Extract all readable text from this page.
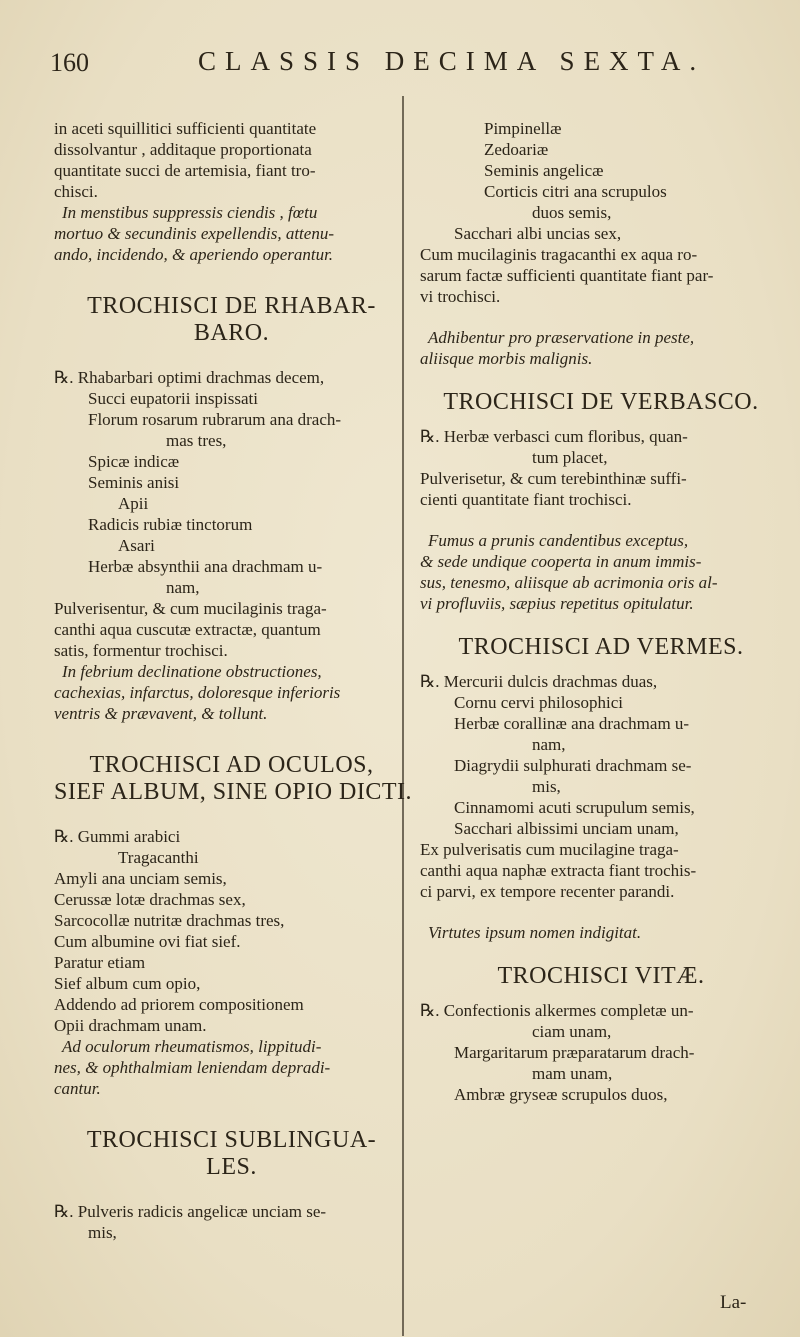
160	CLASSIS DECIMA SEXTA.
in aceti squillitici sufficienti quantitate
dissolvantur , additaque proportionata
quantitate succi de artemisia, fiant tro-
chisci.
In menstibus suppressis ciendis , fœtu
mortuo & secundinis expellendis, attenu-
ando, incidendo, & aperiendo operantur.
TROCHISCI DE RHABAR-
BARO.
℞. Rhabarbari optimi drachmas decem,
Succi eupatorii inspissati
Florum rosarum rubrarum ana drach-
mas tres,
Spicæ indicæ
Seminis anisi
Apii
Radicis rubiæ tinctorum
Asari
Herbæ absynthii ana drachmam u-
nam,
Pulverisentur, & cum mucilaginis traga-
canthi aqua cuscutæ extractæ, quantum
satis, formentur trochisci.
In febrium declinatione obstructiones,
cachexias, infarctus, doloresque inferioris
ventris & prævavent, & tollunt.
TROCHISCI AD OCULOS,
SIEF ALBUM, SINE OPIO DICTI.
℞. Gummi arabici
Tragacanthi
Amyli ana unciam semis,
Cerussæ lotæ drachmas sex,
Sarcocollæ nutritæ drachmas tres,
Cum albumine ovi fiat sief.
Paratur etiam
Sief album cum opio,
Addendo ad priorem compositionem
Opii drachmam unam.
Ad oculorum rheumatismos, lippitudi-
nes, & ophthalmiam leniendam depradi-
cantur.
TROCHISCI SUBLINGUA-
LES.
℞. Pulveris radicis angelicæ unciam se-
mis,
Pimpinellæ
Zedoariæ
Seminis angelicæ
Corticis citri ana scrupulos
duos semis,
Sacchari albi uncias sex,
Cum mucilaginis tragacanthi ex aqua ro-
sarum factæ sufficienti quantitate fiant par-
vi trochisci.
Adhibentur pro præservatione in peste,
aliisque morbis malignis.
TROCHISCI DE VERBASCO.
℞. Herbæ verbasci cum floribus, quan-
tum placet,
Pulverisetur, & cum terebinthinæ suffi-
cienti quantitate fiant trochisci.
Fumus a prunis candentibus exceptus,
& sede undique cooperta in anum immis-
sus, tenesmo, aliisque ab acrimonia oris al-
vi profluviis, sæpius repetitus opitulatur.
TROCHISCI AD VERMES.
℞. Mercurii dulcis drachmas duas,
Cornu cervi philosophici
Herbæ corallinæ ana drachmam u-
nam,
Diagrydii sulphurati drachmam se-
mis,
Cinnamomi acuti scrupulum semis,
Sacchari albissimi unciam unam,
Ex pulverisatis cum mucilagine traga-
canthi aqua naphæ extracta fiant trochis-
ci parvi, ex tempore recenter parandi.
Virtutes ipsum nomen indigitat.
TROCHISCI VITÆ.
℞. Confectionis alkermes completæ un-
ciam unam,
Margaritarum præparatarum drach-
mam unam,
Ambræ gryseæ scrupulos duos,
La-
